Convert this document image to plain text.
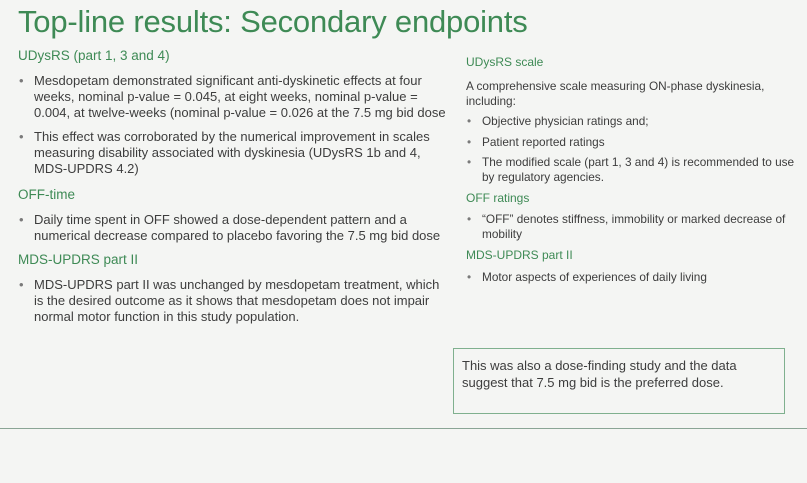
Top-line results: Secondary endpoints
UDysRS (part 1, 3 and 4)
• Mesdopetam demonstrated significant anti-dyskinetic effects at four weeks, nominal p-value = 0.045, at eight weeks, nominal p-value = 0.004, at twelve-weeks (nominal p-value = 0.026 at the 7.5 mg bid dose
• This effect was corroborated by the numerical improvement in scales measuring disability associated with dyskinesia (UDysRS 1b and 4, MDS-UPDRS 4.2)
OFF-time
• Daily time spent in OFF showed a dose-dependent pattern and a numerical decrease compared to placebo favoring the 7.5 mg bid dose
MDS-UPDRS part II
• MDS-UPDRS part II was unchanged by mesdopetam treatment, which is the desired outcome as it shows that mesdopetam does not impair normal motor function in this study population.
UDysRS scale
A comprehensive scale measuring ON-phase dyskinesia, including:
• Objective physician ratings and;
• Patient reported ratings
• The modified scale (part 1, 3 and 4) is recommended to use by regulatory agencies.
OFF ratings
• “OFF” denotes stiffness, immobility or marked decrease of mobility
MDS-UPDRS part II
• Motor aspects of experiences of daily living
This was also a dose-finding study and the data suggest that 7.5 mg bid is the preferred dose.
